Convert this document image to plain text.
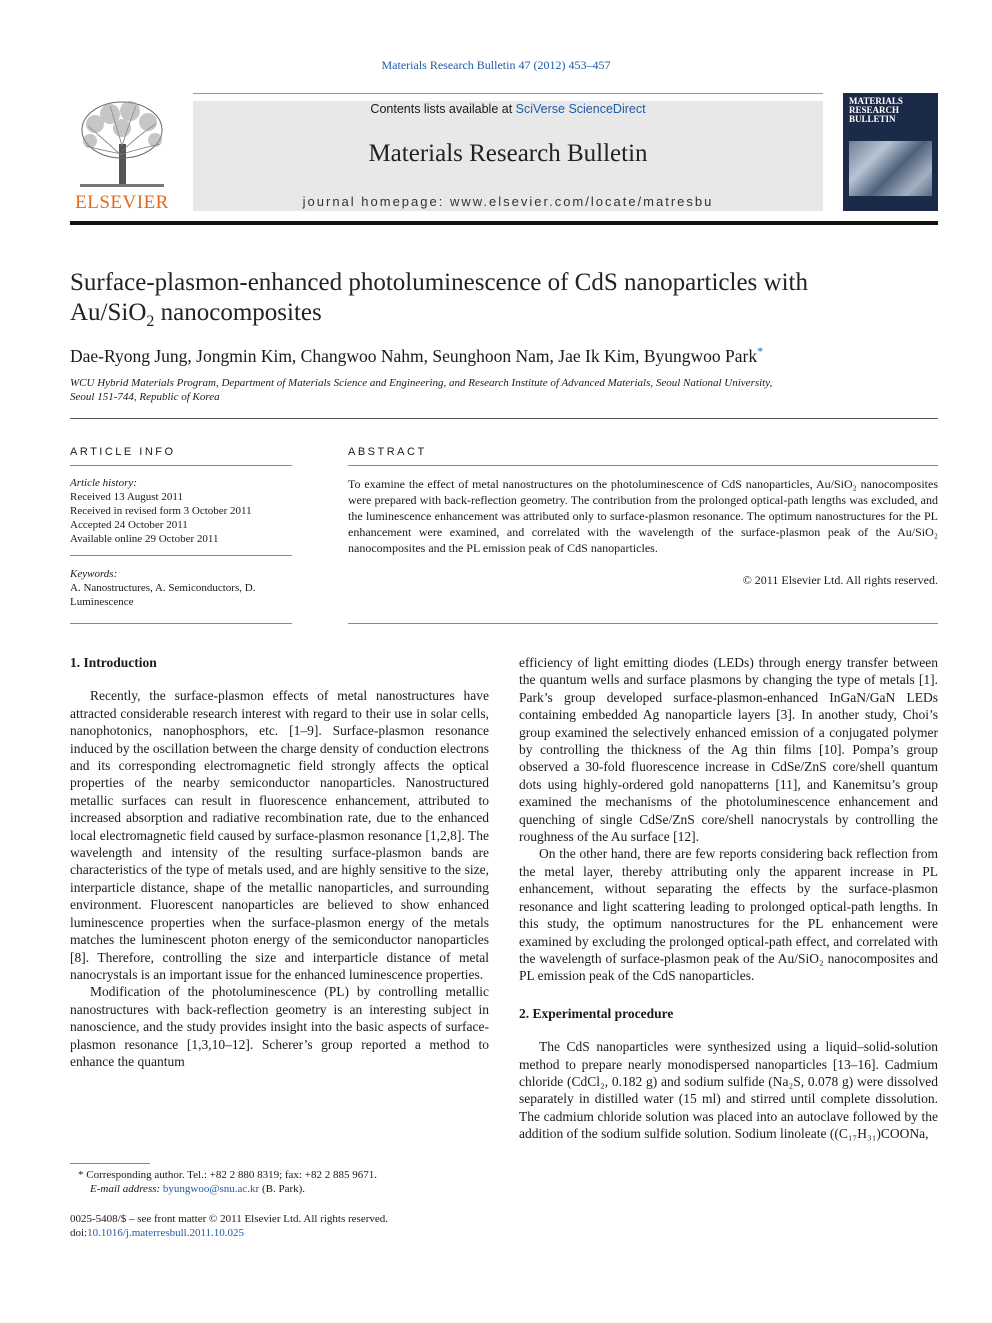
Materials Research Bulletin 47 (2012) 453–457
ELSEVIER
Contents lists available at SciVerse ScienceDirect
Materials Research Bulletin
journal homepage: www.elsevier.com/locate/matresbu
MATERIALS
RESEARCH
BULLETIN
Surface-plasmon-enhanced photoluminescence of CdS nanoparticles with
Au/SiO$_2$ nanocomposites
Dae-Ryong Jung, Jongmin Kim, Changwoo Nahm, Seunghoon Nam, Jae Ik Kim, Byungwoo Park*
WCU Hybrid Materials Program, Department of Materials Science and Engineering, and Research Institute of Advanced Materials, Seoul National University,
Seoul 151-744, Republic of Korea
ARTICLE INFO
Article history:
Received 13 August 2011
Received in revised form 3 October 2011
Accepted 24 October 2011
Available online 29 October 2011
Keywords:
A. Nanostructures, A. Semiconductors, D.
Luminescence
ABSTRACT
To examine the effect of metal nanostructures on the photoluminescence of CdS nanoparticles, Au/SiO₂ nanocomposites were prepared with back-reflection geometry. The contribution from the prolonged optical-path lengths was excluded, and the luminescence enhancement was attributed only to surface-plasmon resonance. The optimum nanostructures for the PL enhancement were examined, and correlated with the wavelength of the surface-plasmon peak of the Au/SiO₂ nanocomposites and the PL emission peak of CdS nanoparticles.
© 2011 Elsevier Ltd. All rights reserved.
1. Introduction

Recently, the surface-plasmon effects of metal nanostructures have attracted considerable research interest with regard to their use in solar cells, nanophotonics, nanophosphors, etc. [1–9]. Surface-plasmon resonance induced by the oscillation between the charge density of conduction electrons and its corresponding electromagnetic field strongly affects the optical properties of the nearby semiconductor nanoparticles. Nanostructured metallic surfaces can result in fluorescence enhancement, attributed to increased absorption and radiative recombination rate, due to the enhanced local electromagnetic field caused by surface-plasmon resonance [1,2,8]. The wavelength and intensity of the resulting surface-plasmon bands are characteristics of the type of metals used, and are highly sensitive to the size, interparticle distance, shape of the metallic nanoparticles, and surrounding environment. Fluorescent nanoparticles are believed to show enhanced luminescence properties when the surface-plasmon energy of the metals matches the luminescent photon energy of the semiconductor nanoparticles [8]. Therefore, controlling the size and interparticle distance of metal nanocrystals is an important issue for the enhanced luminescence properties.

Modification of the photoluminescence (PL) by controlling metallic nanostructures with back-reflection geometry is an interesting subject in nanoscience, and the study provides insight into the basic aspects of surface-plasmon resonance [1,3,10–12]. Scherer’s group reported a method to enhance the quantum

efficiency of light emitting diodes (LEDs) through energy transfer between the quantum wells and surface plasmons by changing the type of metals [1]. Park’s group developed surface-plasmon-enhanced InGaN/GaN LEDs containing embedded Ag nanoparticle layers [3]. In another study, Choi’s group examined the selectively enhanced emission of a conjugated polymer by controlling the thickness of the Ag thin films [10]. Pompa’s group observed a 30-fold fluorescence increase in CdSe/ZnS core/shell quantum dots using highly-ordered gold nanopatterns [11], and Kanemitsu’s group examined the mechanisms of the photoluminescence enhancement and quenching of single CdSe/ZnS core/shell nanocrystals by controlling the roughness of the Au surface [12].

On the other hand, there are few reports considering back reflection from the metal layer, thereby attributing only the apparent increase in PL enhancement, without separating the effects by the surface-plasmon resonance and light scattering leading to prolonged optical-path lengths. In this study, the optimum nanostructures for the PL enhancement were examined by excluding the prolonged optical-path effect, and correlated with the wavelength of surface-plasmon peak of the Au/SiO₂ nanocomposites and PL emission peak of the CdS nanoparticles.

2. Experimental procedure

The CdS nanoparticles were synthesized using a liquid–solid-solution method to prepare nearly monodispersed nanoparticles [13–16]. Cadmium chloride (CdCl₂, 0.182 g) and sodium sulfide (Na₂S, 0.078 g) were dissolved separately in distilled water (15 ml) and stirred until complete dissolution. The cadmium chloride solution was placed into an autoclave followed by the addition of the sodium sulfide solution. Sodium linoleate ((C₁₇H₃₁)COONa,

* Corresponding author. Tel.: +82 2 880 8319; fax: +82 2 885 9671.
E-mail address: byungwoo@snu.ac.kr (B. Park).
0025-5408/$ – see front matter © 2011 Elsevier Ltd. All rights reserved.
doi:10.1016/j.materresbull.2011.10.025
